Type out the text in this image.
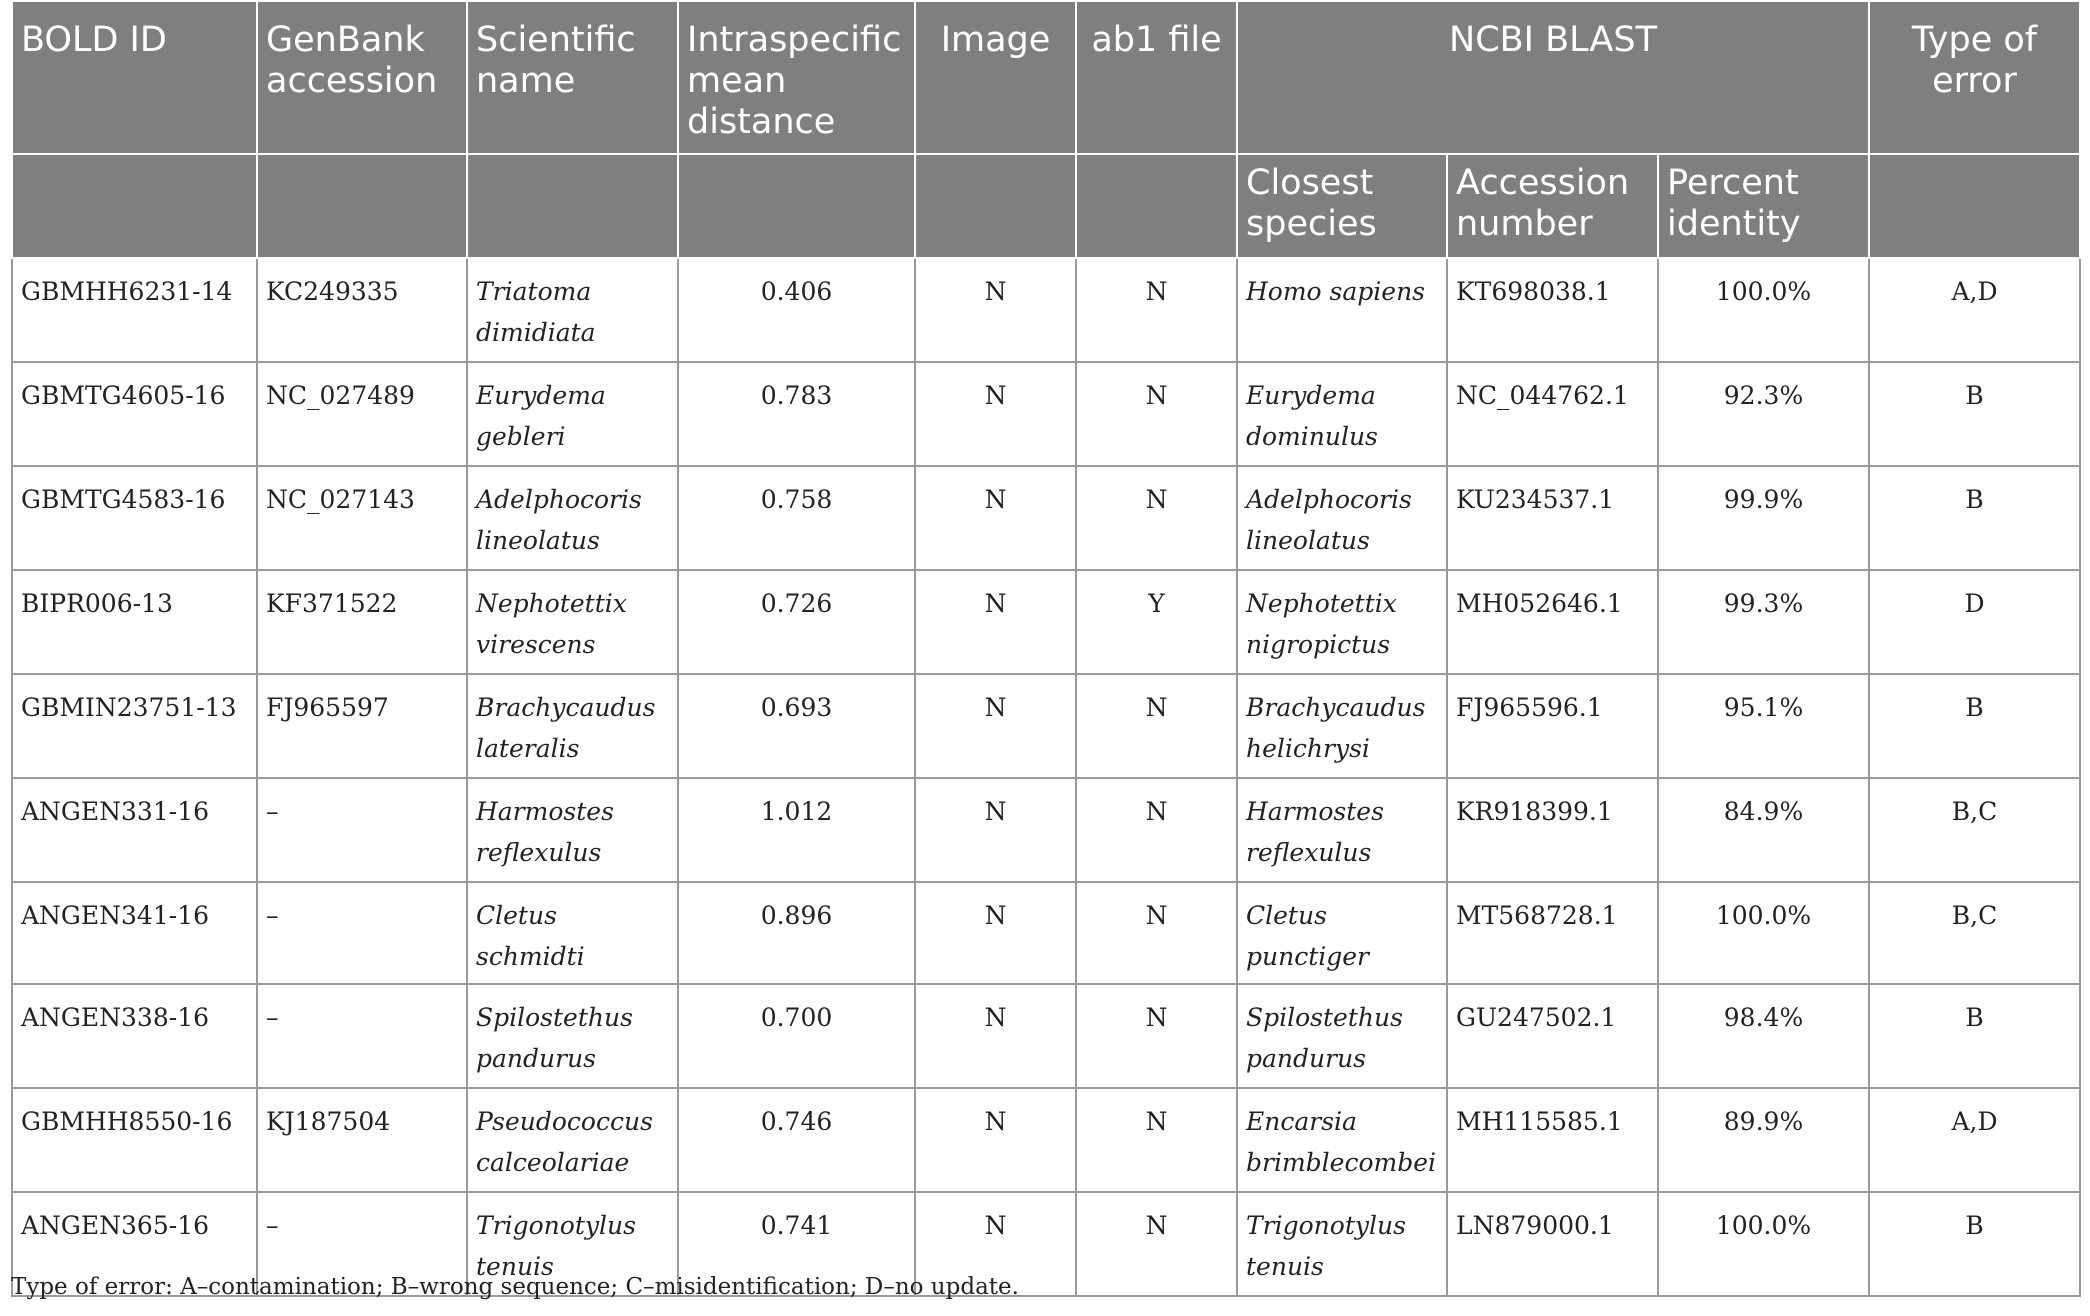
BOLD ID	GenBank accession	Scientific name	Intraspecific mean distance	Image	ab1 file	NCBI BLAST			Type of error
						Closest species	Accession number	Percent identity	
GBMHH6231-14	KC249335	Triatoma dimidiata	0.406	N	N	Homo sapiens	KT698038.1	100.0%	A,D
GBMTG4605-16	NC_027489	Eurydema gebleri	0.783	N	N	Eurydema dominulus	NC_044762.1	92.3%	B
GBMTG4583-16	NC_027143	Adelphocoris lineolatus	0.758	N	N	Adelphocoris lineolatus	KU234537.1	99.9%	B
BIPR006-13	KF371522	Nephotettix virescens	0.726	N	Y	Nephotettix nigropictus	MH052646.1	99.3%	D
GBMIN23751-13	FJ965597	Brachycaudus lateralis	0.693	N	N	Brachycaudus helichrysi	FJ965596.1	95.1%	B
ANGEN331-16	–	Harmostes reflexulus	1.012	N	N	Harmostes reflexulus	KR918399.1	84.9%	B,C
ANGEN341-16	–	Cletus schmidti	0.896	N	N	Cletus punctiger	MT568728.1	100.0%	B,C
ANGEN338-16	–	Spilostethus pandurus	0.700	N	N	Spilostethus pandurus	GU247502.1	98.4%	B
GBMHH8550-16	KJ187504	Pseudococcus calceolariae	0.746	N	N	Encarsia brimblecombei	MH115585.1	89.9%	A,D
ANGEN365-16	–	Trigonotylus tenuis	0.741	N	N	Trigonotylus tenuis	LN879000.1	100.0%	B
Type of error: A–contamination; B–wrong sequence; C–misidentification; D–no update.
